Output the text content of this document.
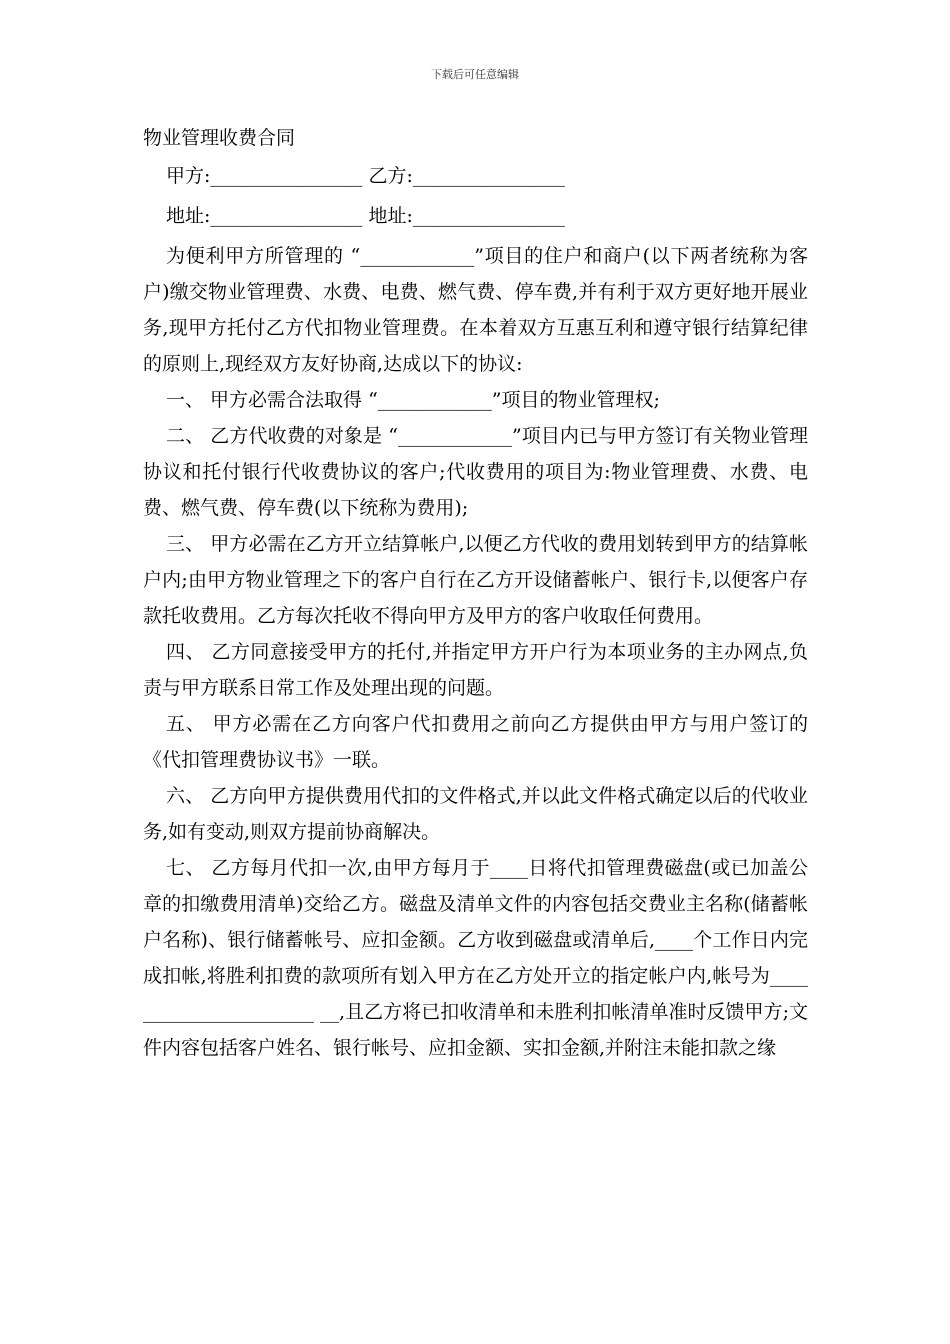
下载后可任意编辑

物业管理收费合同

甲方:________________ 乙方:________________

地址:________________ 地址:________________

为便利甲方所管理的 “____________”项目的住户和商户(以下两者统称为客户)缴交物业管理费、水费、电费、燃气费、停车费,并有利于双方更好地开展业务,现甲方托付乙方代扣物业管理费。在本着双方互惠互利和遵守银行结算纪律的原则上,现经双方友好协商,达成以下的协议:

一、 甲方必需合法取得 “____________”项目的物业管理权;

二、 乙方代收费的对象是 “____________”项目内已与甲方签订有关物业管理协议和托付银行代收费协议的客户;代收费用的项目为:物业管理费、水费、电费、燃气费、停车费(以下统称为费用);

三、 甲方必需在乙方开立结算帐户,以便乙方代收的费用划转到甲方的结算帐户内;由甲方物业管理之下的客户自行在乙方开设储蓄帐户、银行卡,以便客户存款托收费用。乙方每次托收不得向甲方及甲方的客户收取任何费用。

四、 乙方同意接受甲方的托付,并指定甲方开户行为本项业务的主办网点,负责与甲方联系日常工作及处理出现的问题。

五、 甲方必需在乙方向客户代扣费用之前向乙方提供由甲方与用户签订的《代扣管理费协议书》一联。

六、 乙方向甲方提供费用代扣的文件格式,并以此文件格式确定以后的代收业务,如有变动,则双方提前协商解决。

七、 乙方每月代扣一次,由甲方每月于____日将代扣管理费磁盘(或已加盖公章的扣缴费用清单)交给乙方。磁盘及清单文件的内容包括交费业主名称(储蓄帐户名称)、银行储蓄帐号、应扣金额。乙方收到磁盘或清单后,____个工作日内完成扣帐,将胜利扣费的款项所有划入甲方在乙方处开立的指定帐户内,帐号为______________________ __,且乙方将已扣收清单和未胜利扣帐清单准时反馈甲方;文件内容包括客户姓名、银行帐号、应扣金额、实扣金额,并附注未能扣款之缘
